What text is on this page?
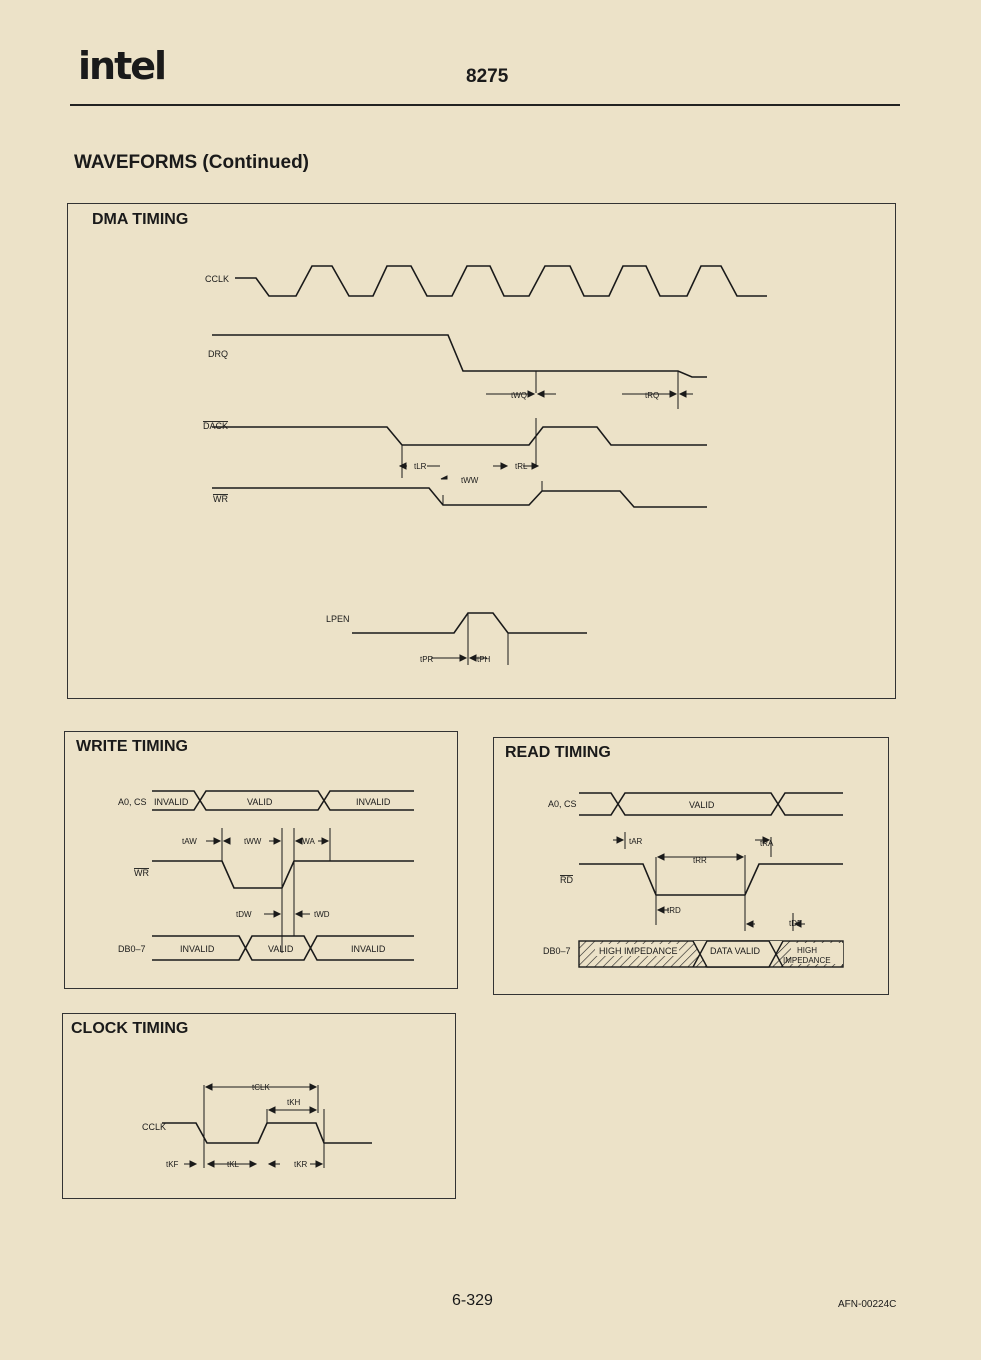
intel	8275
WAVEFORMS (Continued)
DMA TIMING
CCLK
DRQ
DACK
WR
LPEN
tWQ	tRQ
tLR	tRL
tWW
tPR	tPH
WRITE TIMING
A0, CS INVALID	VALID	INVALID
WR
DB0–7	INVALID	VALID	INVALID
tAW	tWW	tWA
tDW	tWD
READ TIMING
A0, CS	VALID
RD
DB0–7	HIGH IMPEDANCE	DATA VALID	HIGH
IMPEDANCE
tAR
tRR
tRA
tRD
tDF
CLOCK TIMING
CCLK
tCLK
tKH
tKF	tKL	tKR
6-329	AFN-00224C
